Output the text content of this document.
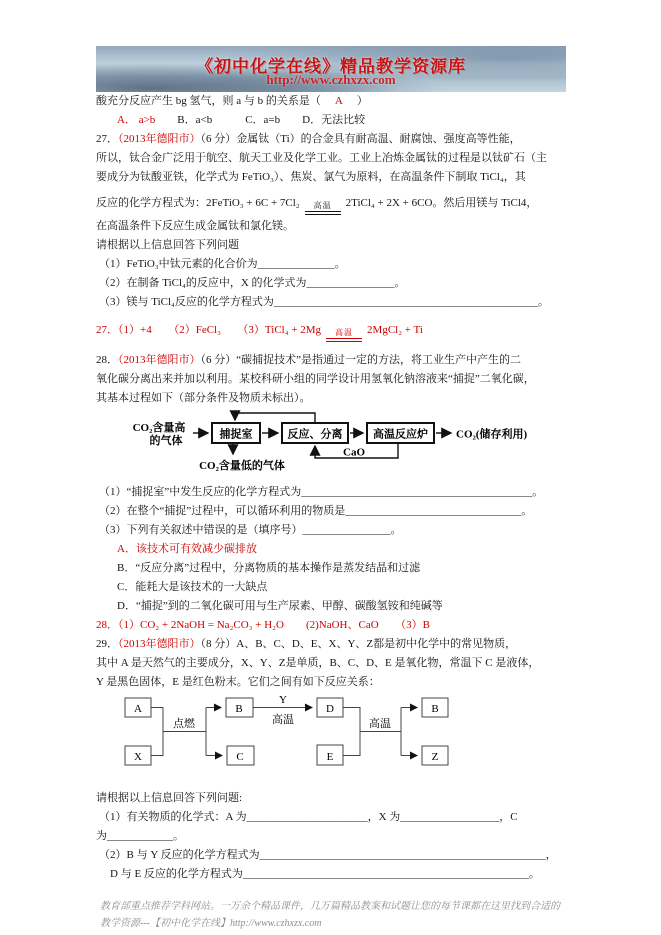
《初中化学在线》精品教学资源库
http://www.czhxzx.com

酸充分反应产生 bg 氢气，则 a 与 b 的关系是（ A ）

A． a>b　　B．a<b　　　C．a=b　　D．无法比较

27．（2013年德阳市）（6 分）金属钛（Ti）的合金具有耐高温、耐腐蚀、强度高等性能，

所以，钛合金广泛用于航空、航天工业及化学工业。工业上冶炼金属钛的过程是以钛矿石（主

要成分为钛酸亚铁，化学式为 FeTiO₃）、焦炭、氯气为原料，在高温条件下制取 TiCl₄，其

反应的化学方程式为：2FeTiO₃ + 6C + 7Cl₂	高温	2TiCl₄ + 2X + 6CO。然后用镁与 TiCl4，

在高温条件下反应生成金属钛和氯化镁。

请根据以上信息回答下列问题

（1）FeTiO₃中钛元素的化合价为______________。

（2）在制备 TiCl₄的反应中，X 的化学式为________________。

（3）镁与 TiCl₄反应的化学方程式为________________________________________________。

27．（1）+4　　（2）FeCl₃　　（3）TiCl₄ + 2Mg	高温	2MgCl₂ + Ti

28．（2013年德阳市）（6 分）“碳捕捉技术”是指通过一定的方法，将工业生产中产生的二

氧化碳分离出来并加以利用。某校科研小组的同学设计用氢氧化钠溶液来“捕捉”二氧化碳，

其基本过程如下（部分条件及物质未标出）。

CO₂含量高
的气体
捕捉室	反应、分离	高温反应炉	CO₂(储存利用)
CO₂含量低的气体
CaO

（1）“捕捉室”中发生反应的化学方程式为__________________________________________。

（2）在整个“捕捉”过程中，可以循环利用的物质是________________________________。

（3）下列有关叙述中错误的是（填序号）________________。

A．该技术可有效减少碳排放

B．“反应分离”过程中，分离物质的基本操作是蒸发结晶和过滤

C．能耗大是该技术的一大缺点

D．“捕捉”到的二氧化碳可用与生产尿素、甲醇、碳酸氢铵和纯碱等

28．（1）CO₂ + 2NaOH = Na₂CO₃ + H₂O　　(2)NaOH、CaO　　（3）B

29．（2013年德阳市）（8 分）A、B、C、D、E、X、Y、Z都是初中化学中的常见物质，

其中 A 是天然气的主要成分，X、Y、Z是单质，B、C、D、E 是氧化物，常温下 C 是液体，

Y 是黑色固体，E 是红色粉末。它们之间有如下反应关系：

A
X
点燃
B
C
Y
高温
D
E
高温
B
Z

请根据以上信息回答下列问题:

（1）有关物质的化学式：A 为______________________，X 为__________________，C

为____________。

（2）B 与 Y 反应的化学方程式为____________________________________________________，

　D 与 E 反应的化学方程式为____________________________________________________。

教育部重点推荐学科网站。一万余个精品课件，几万篇精品教案和试题让您的每节课都在这里找到合适的
教学资源---【初中化学在线】http://www.czhxzx.com
